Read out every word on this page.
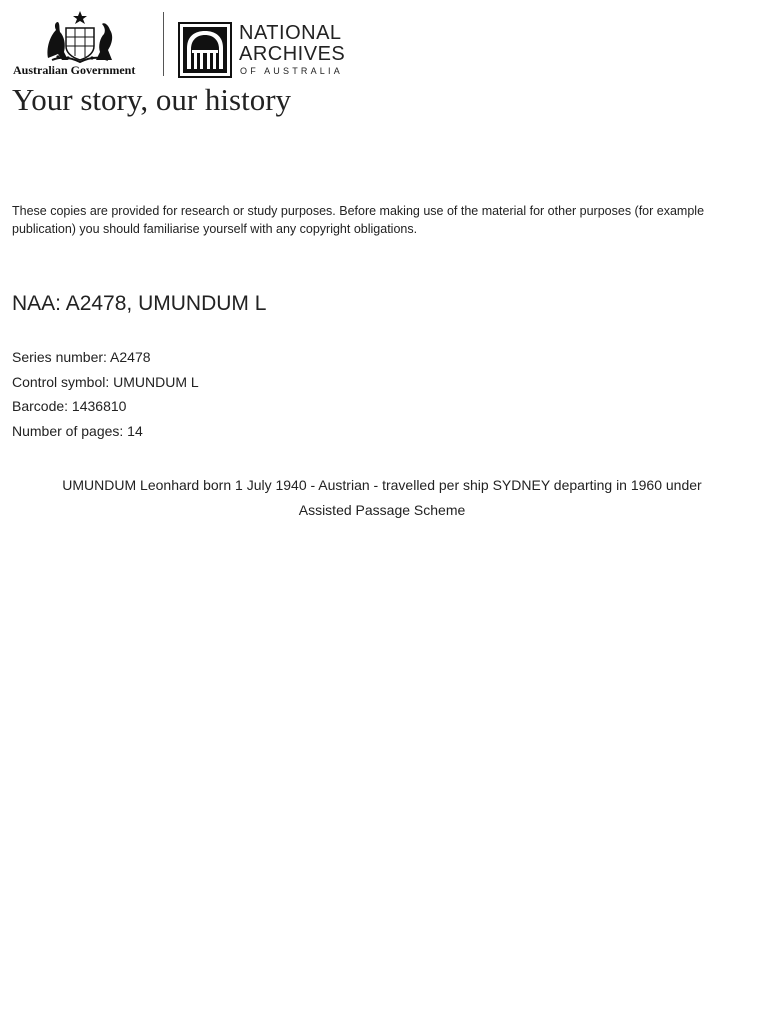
Australian Government
NATIONAL
ARCHIVES
OF AUSTRALIA
Your story, our history
These copies are provided for research or study purposes. Before making use of the material for other purposes (for example publication) you should familiarise yourself with any copyright obligations.
NAA: A2478, UMUNDUM L
Series number: A2478
Control symbol: UMUNDUM L
Barcode: 1436810
Number of pages: 14
UMUNDUM Leonhard born 1 July 1940 - Austrian - travelled per ship SYDNEY departing in 1960 under
Assisted Passage Scheme
